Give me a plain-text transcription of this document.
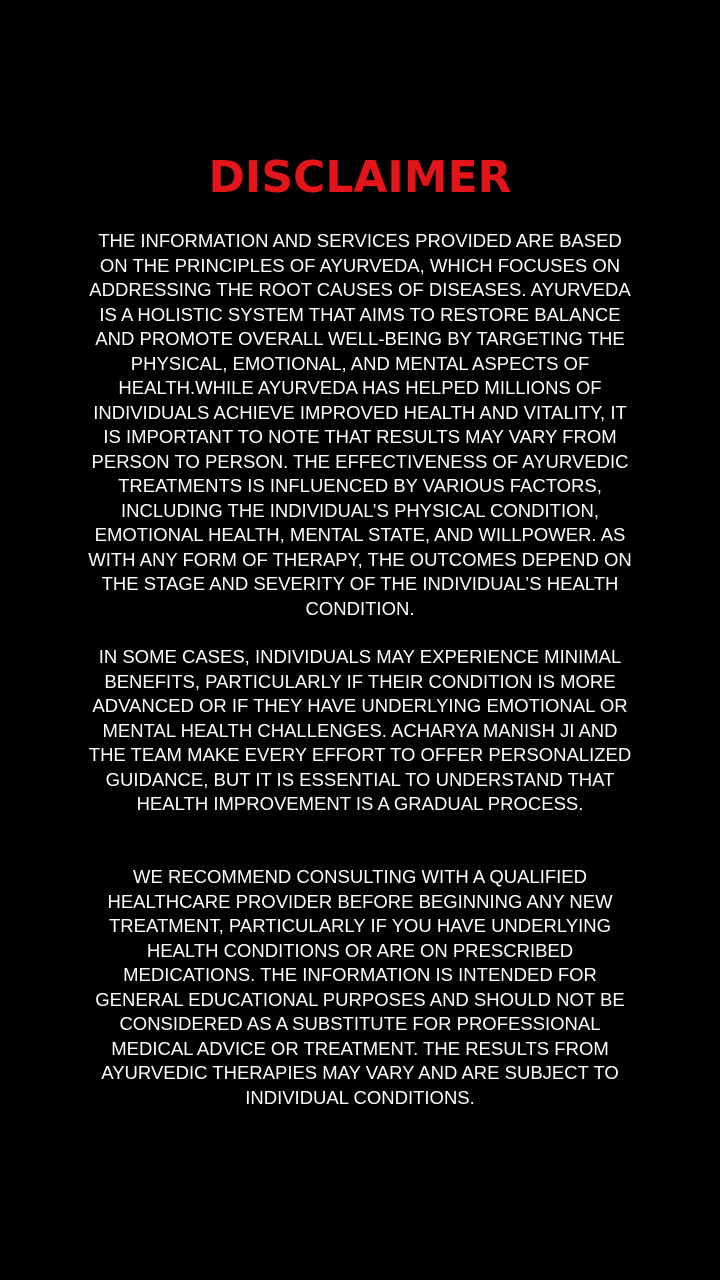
DISCLAIMER

THE INFORMATION AND SERVICES PROVIDED ARE BASED ON THE PRINCIPLES OF AYURVEDA, WHICH FOCUSES ON ADDRESSING THE ROOT CAUSES OF DISEASES. AYURVEDA IS A HOLISTIC SYSTEM THAT AIMS TO RESTORE BALANCE AND PROMOTE OVERALL WELL-BEING BY TARGETING THE PHYSICAL, EMOTIONAL, AND MENTAL ASPECTS OF HEALTH.WHILE AYURVEDA HAS HELPED MILLIONS OF INDIVIDUALS ACHIEVE IMPROVED HEALTH AND VITALITY, IT IS IMPORTANT TO NOTE THAT RESULTS MAY VARY FROM PERSON TO PERSON. THE EFFECTIVENESS OF AYURVEDIC TREATMENTS IS INFLUENCED BY VARIOUS FACTORS, INCLUDING THE INDIVIDUAL’S PHYSICAL CONDITION, EMOTIONAL HEALTH, MENTAL STATE, AND WILLPOWER. AS WITH ANY FORM OF THERAPY, THE OUTCOMES DEPEND ON THE STAGE AND SEVERITY OF THE INDIVIDUAL’S HEALTH CONDITION.

IN SOME CASES, INDIVIDUALS MAY EXPERIENCE MINIMAL BENEFITS, PARTICULARLY IF THEIR CONDITION IS MORE ADVANCED OR IF THEY HAVE UNDERLYING EMOTIONAL OR MENTAL HEALTH CHALLENGES. ACHARYA MANISH JI AND THE TEAM MAKE EVERY EFFORT TO OFFER PERSONALIZED GUIDANCE, BUT IT IS ESSENTIAL TO UNDERSTAND THAT HEALTH IMPROVEMENT IS A GRADUAL PROCESS.

WE RECOMMEND CONSULTING WITH A QUALIFIED HEALTHCARE PROVIDER BEFORE BEGINNING ANY NEW TREATMENT, PARTICULARLY IF YOU HAVE UNDERLYING HEALTH CONDITIONS OR ARE ON PRESCRIBED MEDICATIONS. THE INFORMATION IS INTENDED FOR GENERAL EDUCATIONAL PURPOSES AND SHOULD NOT BE CONSIDERED AS A SUBSTITUTE FOR PROFESSIONAL MEDICAL ADVICE OR TREATMENT. THE RESULTS FROM AYURVEDIC THERAPIES MAY VARY AND ARE SUBJECT TO INDIVIDUAL CONDITIONS.
